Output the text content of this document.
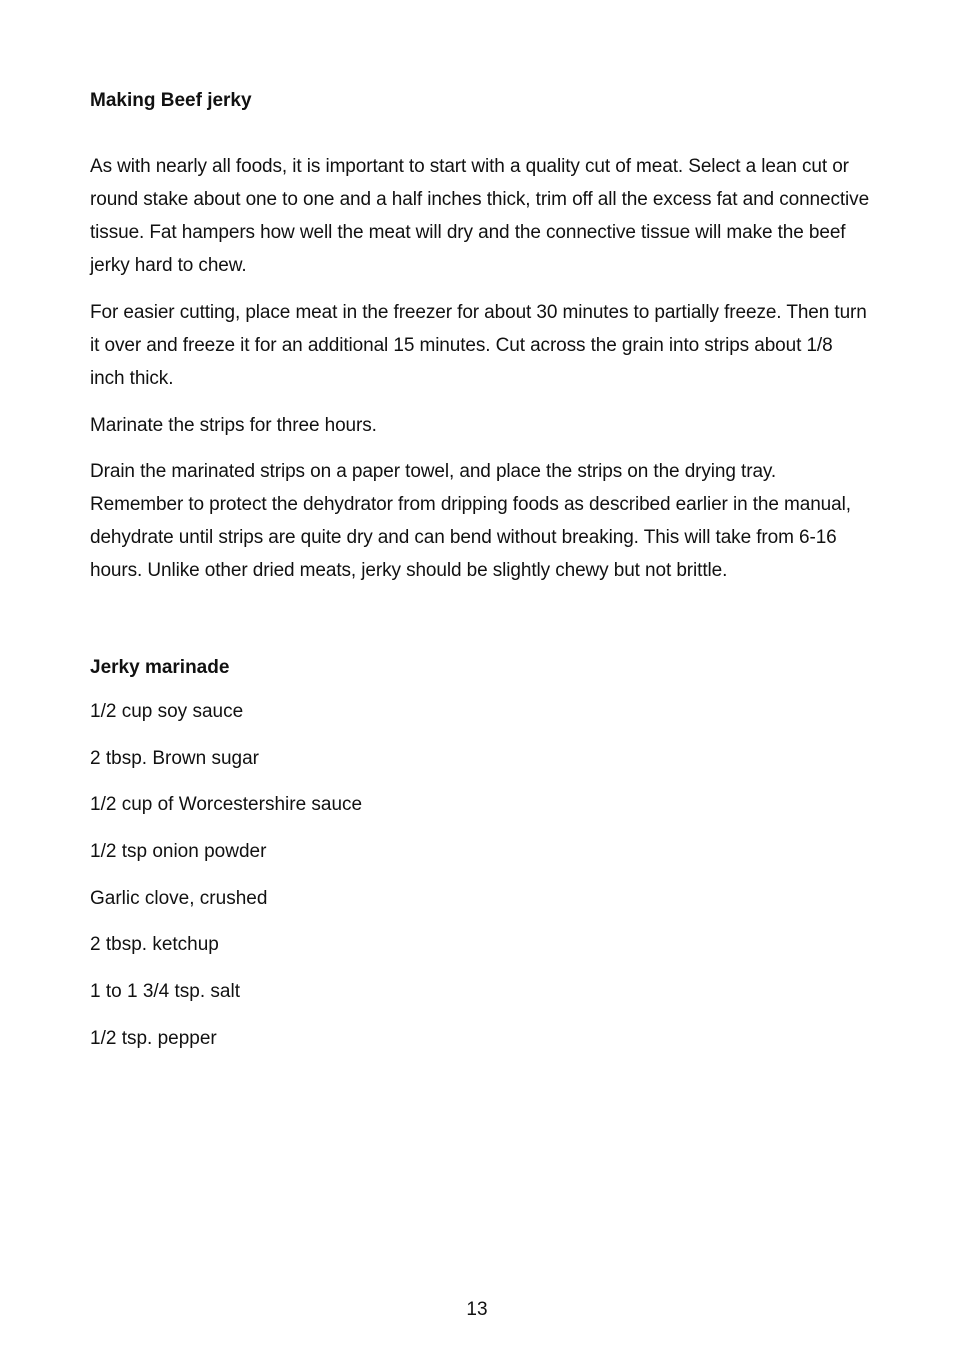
Making Beef jerky

As with nearly all foods, it is important to start with a quality cut of meat. Select a lean cut or round stake about one to one and a half inches thick, trim off all the excess fat and connective tissue. Fat hampers how well the meat will dry and the connective tissue will make the beef jerky hard to chew.

For easier cutting, place meat in the freezer for about 30 minutes to partially freeze. Then turn it over and freeze it for an additional 15 minutes. Cut across the grain into strips about 1/8 inch thick.

Marinate the strips for three hours.

Drain the marinated strips on a paper towel, and place the strips on the drying tray. Remember to protect the dehydrator from dripping foods as described earlier in the manual, dehydrate until strips are quite dry and can bend without breaking. This will take from 6-16 hours. Unlike other dried meats, jerky should be slightly chewy but not brittle.

Jerky marinade
1/2 cup soy sauce
2 tbsp. Brown sugar
1/2 cup of Worcestershire sauce
1/2 tsp onion powder
Garlic clove, crushed
2 tbsp. ketchup
1 to 1 3/4 tsp. salt
1/2 tsp. pepper
13
